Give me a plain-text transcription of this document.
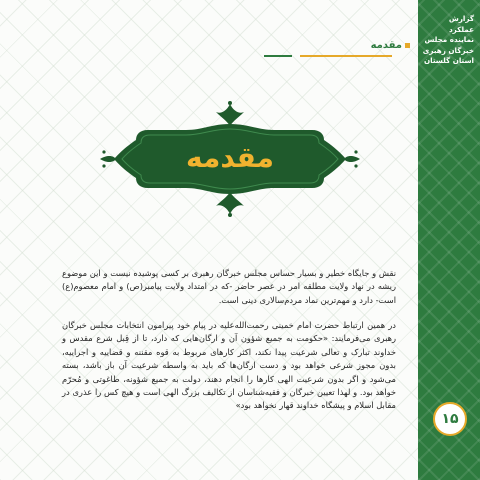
گزارش عملکرد
نماینده مجلس
خبرگان رهبری
استان گلستان
۱۵
مقدمه
مقدمه
نقش و جایگاه خطیر و بسیار حساس مجلس خبرگان رهبری بر کسی پوشیده نیست و این موضوع ریشه در نهاد ولایت مطلقه امر در عصر حاضر -که در امتداد ولایت پیامبر(ص) و امام معصوم(ع) است- دارد و مهم‌ترین نماد مردم‌سالاری دینی است.
در همین ارتباط حضرت امام خمینی رحمت‌الله‌علیه در پیام خود پیرامون انتخابات مجلس خبرگان رهبری می‌فرمایند: «حکومت به جمیع شؤون آن و ارگان‌هایی که دارد، تا از قِبل شرع مقدس و خداوند تبارک و تعالی شرعیت پیدا نکند، اکثر کارهای مربوط به قوه مقننه و قضاییه و اجراییه، بدون مجوز شرعی خواهد بود و دست ارگان‌ها که باید به واسطه شرعیت آن باز باشد، بسته می‌شود و اگر بدون شرعیت الهی کارها را انجام دهند، دولت به جمیع شؤونه، طاغوتی و مُحرّم خواهد بود. و لهذا تعیین خبرگان و فقیه‌شناسان از تکالیف بزرگ الهی است و هیچ کس را عذری در مقابل اسلام و پیشگاه خداوند قهار نخواهد بود»
